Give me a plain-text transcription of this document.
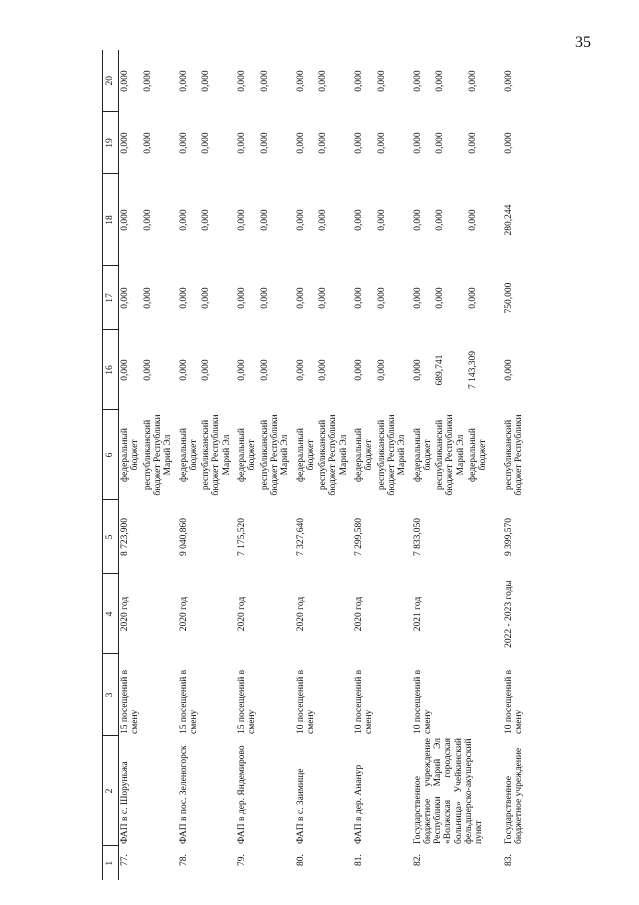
35
1	2	3	4	5	6	16	17	18	19	20
77.	ФАП в с. Шоруньжа	15 посещений в смену	2020 год	8 723,900	федеральный бюджет	0,000	0,000	0,000	0,000	0,000
					республиканский бюджет Республики Марий Эл	0,000	0,000	0,000	0,000	0,000
78.	ФАП в пос. Зеленогорск	15 посещений в смену	2020 год	9 040,860	федеральный бюджет	0,000	0,000	0,000	0,000	0,000
					республиканский бюджет Республики Марий Эл	0,000	0,000	0,000	0,000	0,000
79.	ФАП в дер. Яндемирово	15 посещений в смену	2020 год	7 175,520	федеральный бюджет	0,000	0,000	0,000	0,000	0,000
					республиканский бюджет Республики Марий Эл	0,000	0,000	0,000	0,000	0,000
80.	ФАП в с. Заимище	10 посещений в смену	2020 год	7 327,640	федеральный бюджет	0,000	0,000	0,000	0,000	0,000
					республиканский бюджет Республики Марий Эл	0,000	0,000	0,000	0,000	0,000
81.	ФАП в дер. Ананур	10 посещений в смену	2020 год	7 299,580	федеральный бюджет	0,000	0,000	0,000	0,000	0,000
					республиканский бюджет Республики Марий Эл	0,000	0,000	0,000	0,000	0,000
82.	Государственное бюджетное учреждение Республики Марий Эл «Волжская городская больница» Учейкинский фельдшерско-акушерский пункт	10 посещений в смену	2021 год	7 833,050	федеральный бюджет	0,000	0,000	0,000	0,000	0,000
					республиканский бюджет Республики Марий Эл	689,741	0,000	0,000	0,000	0,000
					федеральный бюджет	7 143,309	0,000	0,000	0,000	0,000
83.	Государственное бюджетное учреждение	10 посещений в смену	2022 - 2023 годы	9 399,570	республиканский бюджет Республики	0,000	750,000	280,244	0,000	0,000
